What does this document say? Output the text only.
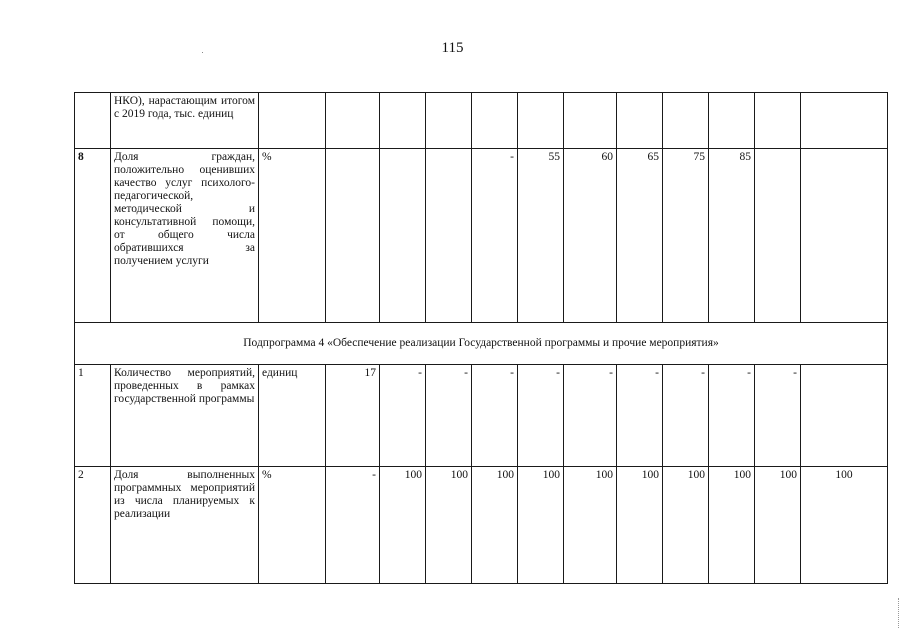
115
	НКО), нарастающим итогом с 2019 года, тыс. единиц												
8	Доля граждан, положительно оценивших качество услуг психолого-педагогической, методической и консультативной помощи, от общего числа обратившихся за получением услуги	%				-	55	60	65	75	85		
Подпрограмма 4 «Обеспечение реализации Государственной программы и прочие мероприятия»													
1	Количество мероприятий, проведенных в рамках государственной программы	единиц	17	-	-	-	-	-	-	-	-	-	
2	Доля выполненных программных мероприятий из числа планируемых к реализации	%	-	100	100	100	100	100	100	100	100	100	100
